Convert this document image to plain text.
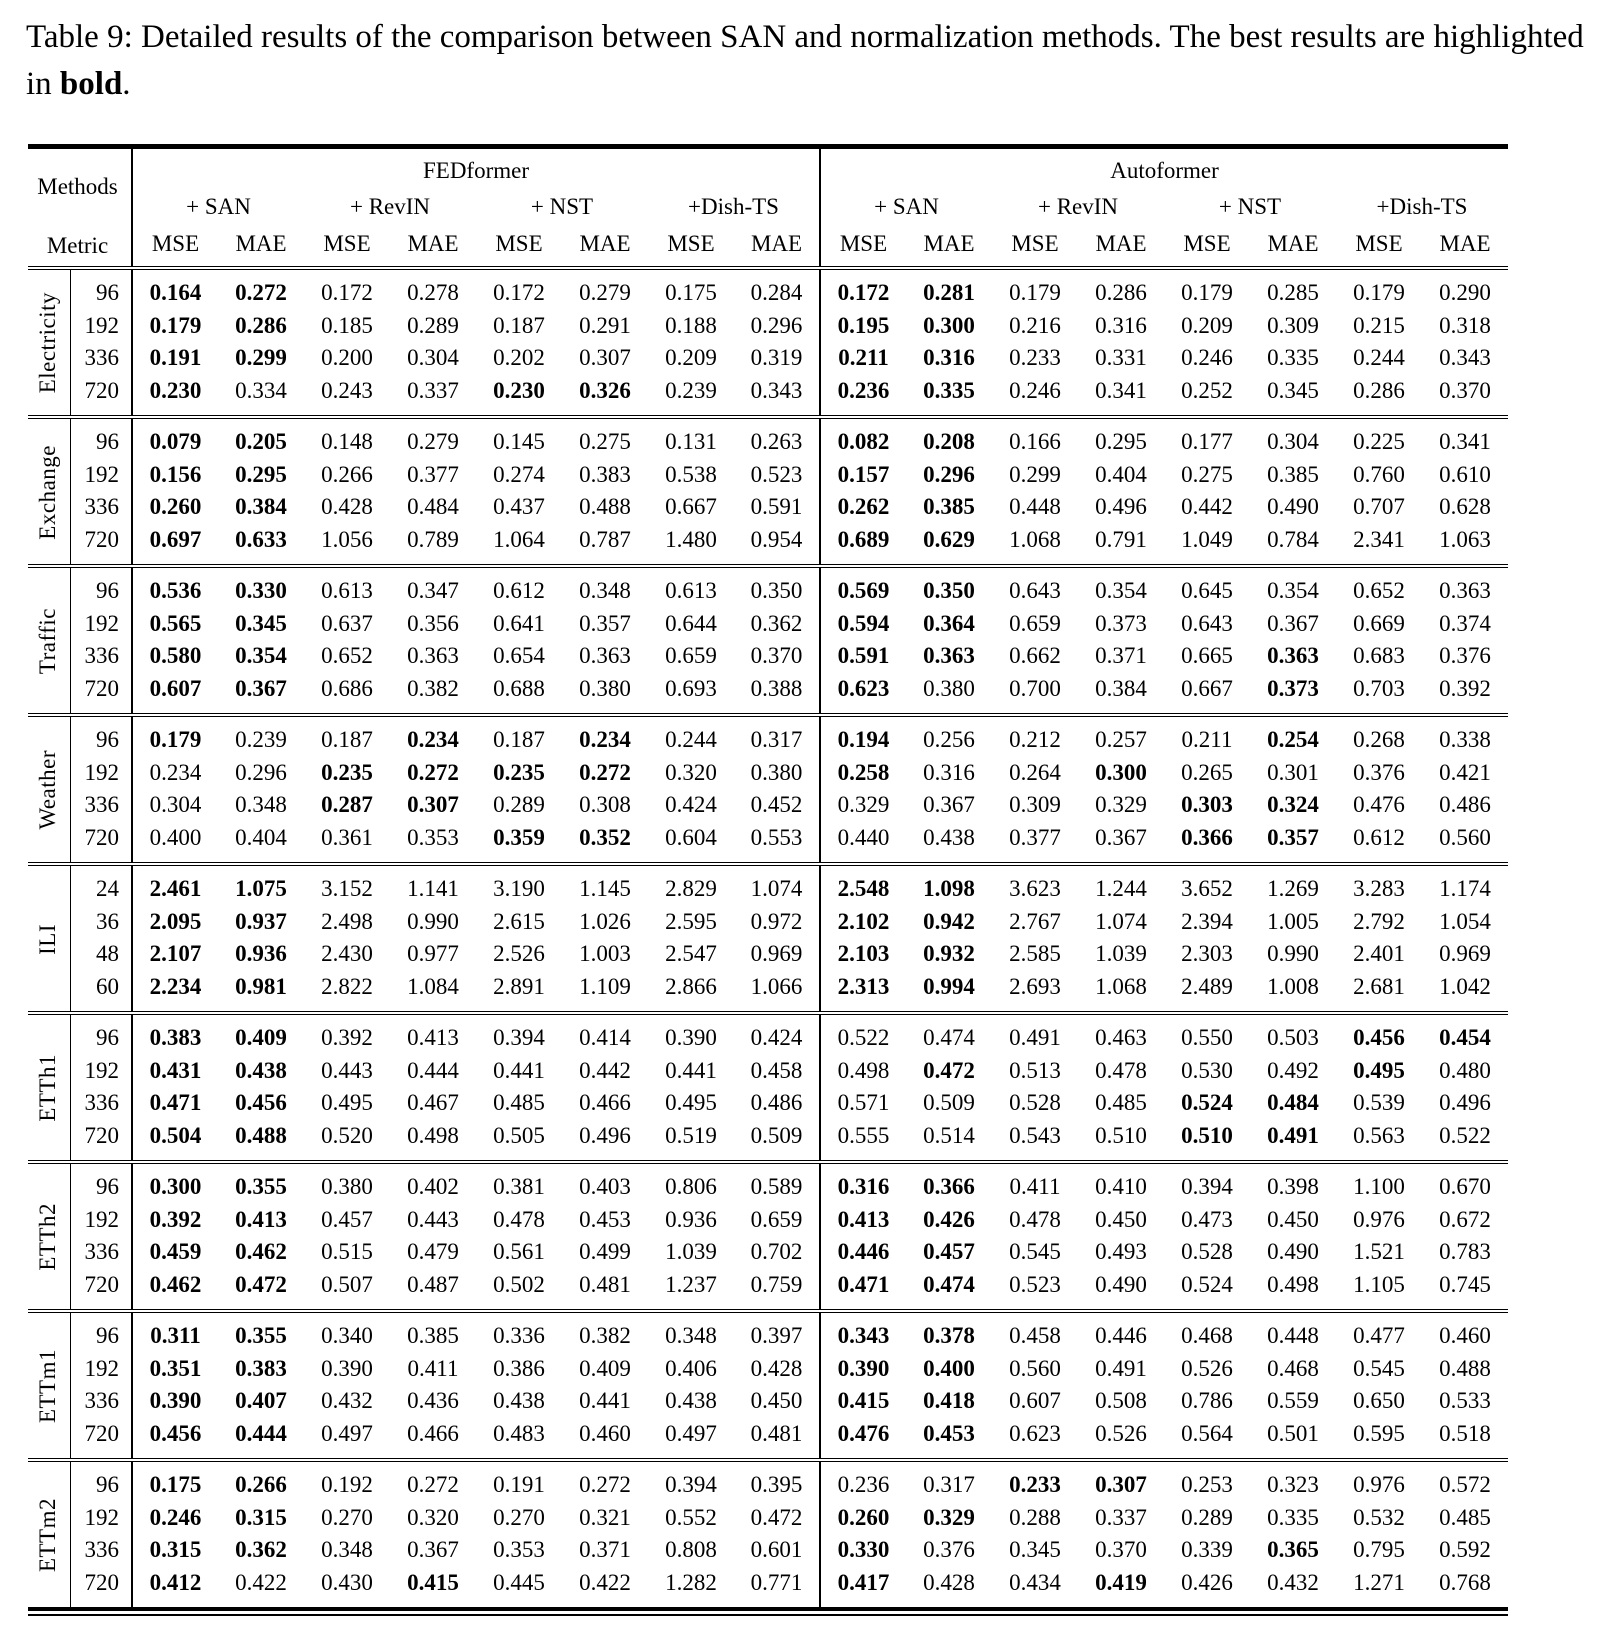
Table 9: Detailed results of the comparison between SAN and normalization methods. The best results are highlighted in bold.

Methods		FEDformer								Autoformer							
		+ SAN		+ RevIN		+ NST		+Dish-TS		+ SAN		+ RevIN		+ NST		+Dish-TS	
Metric		MSE	MAE	MSE	MAE	MSE	MAE	MSE	MAE	MSE	MAE	MSE	MAE	MSE	MAE	MSE	MAE
Electricity	96	0.164	0.272	0.172	0.278	0.172	0.279	0.175	0.284	0.172	0.281	0.179	0.286	0.179	0.285	0.179	0.290
	192	0.179	0.286	0.185	0.289	0.187	0.291	0.188	0.296	0.195	0.300	0.216	0.316	0.209	0.309	0.215	0.318
	336	0.191	0.299	0.200	0.304	0.202	0.307	0.209	0.319	0.211	0.316	0.233	0.331	0.246	0.335	0.244	0.343
	720	0.230	0.334	0.243	0.337	0.230	0.326	0.239	0.343	0.236	0.335	0.246	0.341	0.252	0.345	0.286	0.370
Exchange	96	0.079	0.205	0.148	0.279	0.145	0.275	0.131	0.263	0.082	0.208	0.166	0.295	0.177	0.304	0.225	0.341
	192	0.156	0.295	0.266	0.377	0.274	0.383	0.538	0.523	0.157	0.296	0.299	0.404	0.275	0.385	0.760	0.610
	336	0.260	0.384	0.428	0.484	0.437	0.488	0.667	0.591	0.262	0.385	0.448	0.496	0.442	0.490	0.707	0.628
	720	0.697	0.633	1.056	0.789	1.064	0.787	1.480	0.954	0.689	0.629	1.068	0.791	1.049	0.784	2.341	1.063
Traffic	96	0.536	0.330	0.613	0.347	0.612	0.348	0.613	0.350	0.569	0.350	0.643	0.354	0.645	0.354	0.652	0.363
	192	0.565	0.345	0.637	0.356	0.641	0.357	0.644	0.362	0.594	0.364	0.659	0.373	0.643	0.367	0.669	0.374
	336	0.580	0.354	0.652	0.363	0.654	0.363	0.659	0.370	0.591	0.363	0.662	0.371	0.665	0.363	0.683	0.376
	720	0.607	0.367	0.686	0.382	0.688	0.380	0.693	0.388	0.623	0.380	0.700	0.384	0.667	0.373	0.703	0.392
Weather	96	0.179	0.239	0.187	0.234	0.187	0.234	0.244	0.317	0.194	0.256	0.212	0.257	0.211	0.254	0.268	0.338
	192	0.234	0.296	0.235	0.272	0.235	0.272	0.320	0.380	0.258	0.316	0.264	0.300	0.265	0.301	0.376	0.421
	336	0.304	0.348	0.287	0.307	0.289	0.308	0.424	0.452	0.329	0.367	0.309	0.329	0.303	0.324	0.476	0.486
	720	0.400	0.404	0.361	0.353	0.359	0.352	0.604	0.553	0.440	0.438	0.377	0.367	0.366	0.357	0.612	0.560
ILI	24	2.461	1.075	3.152	1.141	3.190	1.145	2.829	1.074	2.548	1.098	3.623	1.244	3.652	1.269	3.283	1.174
	36	2.095	0.937	2.498	0.990	2.615	1.026	2.595	0.972	2.102	0.942	2.767	1.074	2.394	1.005	2.792	1.054
	48	2.107	0.936	2.430	0.977	2.526	1.003	2.547	0.969	2.103	0.932	2.585	1.039	2.303	0.990	2.401	0.969
	60	2.234	0.981	2.822	1.084	2.891	1.109	2.866	1.066	2.313	0.994	2.693	1.068	2.489	1.008	2.681	1.042
ETTh1	96	0.383	0.409	0.392	0.413	0.394	0.414	0.390	0.424	0.522	0.474	0.491	0.463	0.550	0.503	0.456	0.454
	192	0.431	0.438	0.443	0.444	0.441	0.442	0.441	0.458	0.498	0.472	0.513	0.478	0.530	0.492	0.495	0.480
	336	0.471	0.456	0.495	0.467	0.485	0.466	0.495	0.486	0.571	0.509	0.528	0.485	0.524	0.484	0.539	0.496
	720	0.504	0.488	0.520	0.498	0.505	0.496	0.519	0.509	0.555	0.514	0.543	0.510	0.510	0.491	0.563	0.522
ETTh2	96	0.300	0.355	0.380	0.402	0.381	0.403	0.806	0.589	0.316	0.366	0.411	0.410	0.394	0.398	1.100	0.670
	192	0.392	0.413	0.457	0.443	0.478	0.453	0.936	0.659	0.413	0.426	0.478	0.450	0.473	0.450	0.976	0.672
	336	0.459	0.462	0.515	0.479	0.561	0.499	1.039	0.702	0.446	0.457	0.545	0.493	0.528	0.490	1.521	0.783
	720	0.462	0.472	0.507	0.487	0.502	0.481	1.237	0.759	0.471	0.474	0.523	0.490	0.524	0.498	1.105	0.745
ETTm1	96	0.311	0.355	0.340	0.385	0.336	0.382	0.348	0.397	0.343	0.378	0.458	0.446	0.468	0.448	0.477	0.460
	192	0.351	0.383	0.390	0.411	0.386	0.409	0.406	0.428	0.390	0.400	0.560	0.491	0.526	0.468	0.545	0.488
	336	0.390	0.407	0.432	0.436	0.438	0.441	0.438	0.450	0.415	0.418	0.607	0.508	0.786	0.559	0.650	0.533
	720	0.456	0.444	0.497	0.466	0.483	0.460	0.497	0.481	0.476	0.453	0.623	0.526	0.564	0.501	0.595	0.518
ETTm2	96	0.175	0.266	0.192	0.272	0.191	0.272	0.394	0.395	0.236	0.317	0.233	0.307	0.253	0.323	0.976	0.572
	192	0.246	0.315	0.270	0.320	0.270	0.321	0.552	0.472	0.260	0.329	0.288	0.337	0.289	0.335	0.532	0.485
	336	0.315	0.362	0.348	0.367	0.353	0.371	0.808	0.601	0.330	0.376	0.345	0.370	0.339	0.365	0.795	0.592
	720	0.412	0.422	0.430	0.415	0.445	0.422	1.282	0.771	0.417	0.428	0.434	0.419	0.426	0.432	1.271	0.768
